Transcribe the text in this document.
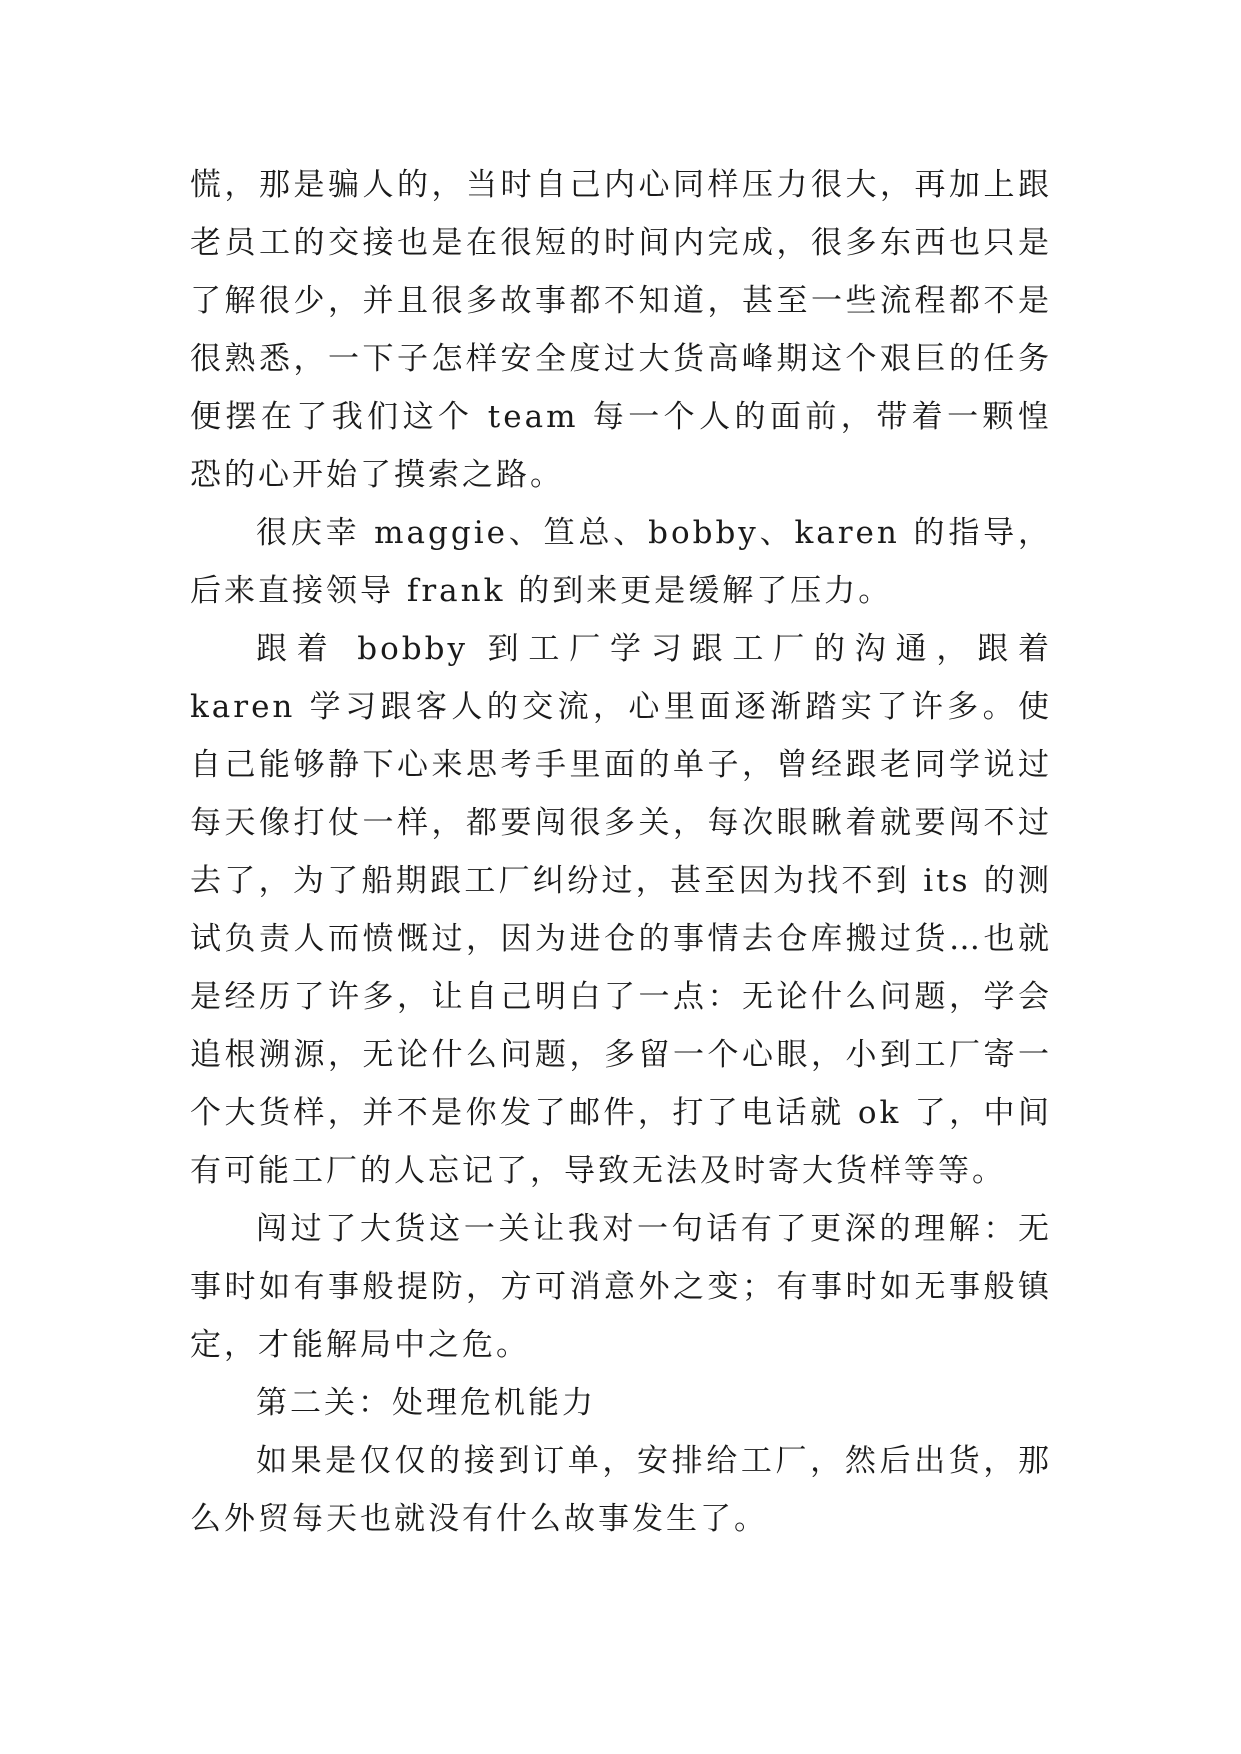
慌，那是骗人的，当时自己内心同样压力很大，再加上跟老员工的交接也是在很短的时间内完成，很多东西也只是了解很少，并且很多故事都不知道，甚至一些流程都不是很熟悉，一下子怎样安全度过大货高峰期这个艰巨的任务便摆在了我们这个 team 每一个人的面前，带着一颗惶恐的心开始了摸索之路。

很庆幸 maggie、笪总、bobby、karen 的指导，后来直接领导 frank 的到来更是缓解了压力。

跟着 bobby 到工厂学习跟工厂的沟通，跟着 karen 学习跟客人的交流，心里面逐渐踏实了许多。使自己能够静下心来思考手里面的单子，曾经跟老同学说过每天像打仗一样，都要闯很多关，每次眼瞅着就要闯不过去了，为了船期跟工厂纠纷过，甚至因为找不到 its 的测试负责人而愤慨过，因为进仓的事情去仓库搬过货…也就是经历了许多，让自己明白了一点：无论什么问题，学会追根溯源，无论什么问题，多留一个心眼，小到工厂寄一个大货样，并不是你发了邮件，打了电话就 ok 了，中间有可能工厂的人忘记了，导致无法及时寄大货样等等。

闯过了大货这一关让我对一句话有了更深的理解：无事时如有事般提防，方可消意外之变；有事时如无事般镇定，才能解局中之危。

第二关：处理危机能力

如果是仅仅的接到订单，安排给工厂，然后出货，那么外贸每天也就没有什么故事发生了。
